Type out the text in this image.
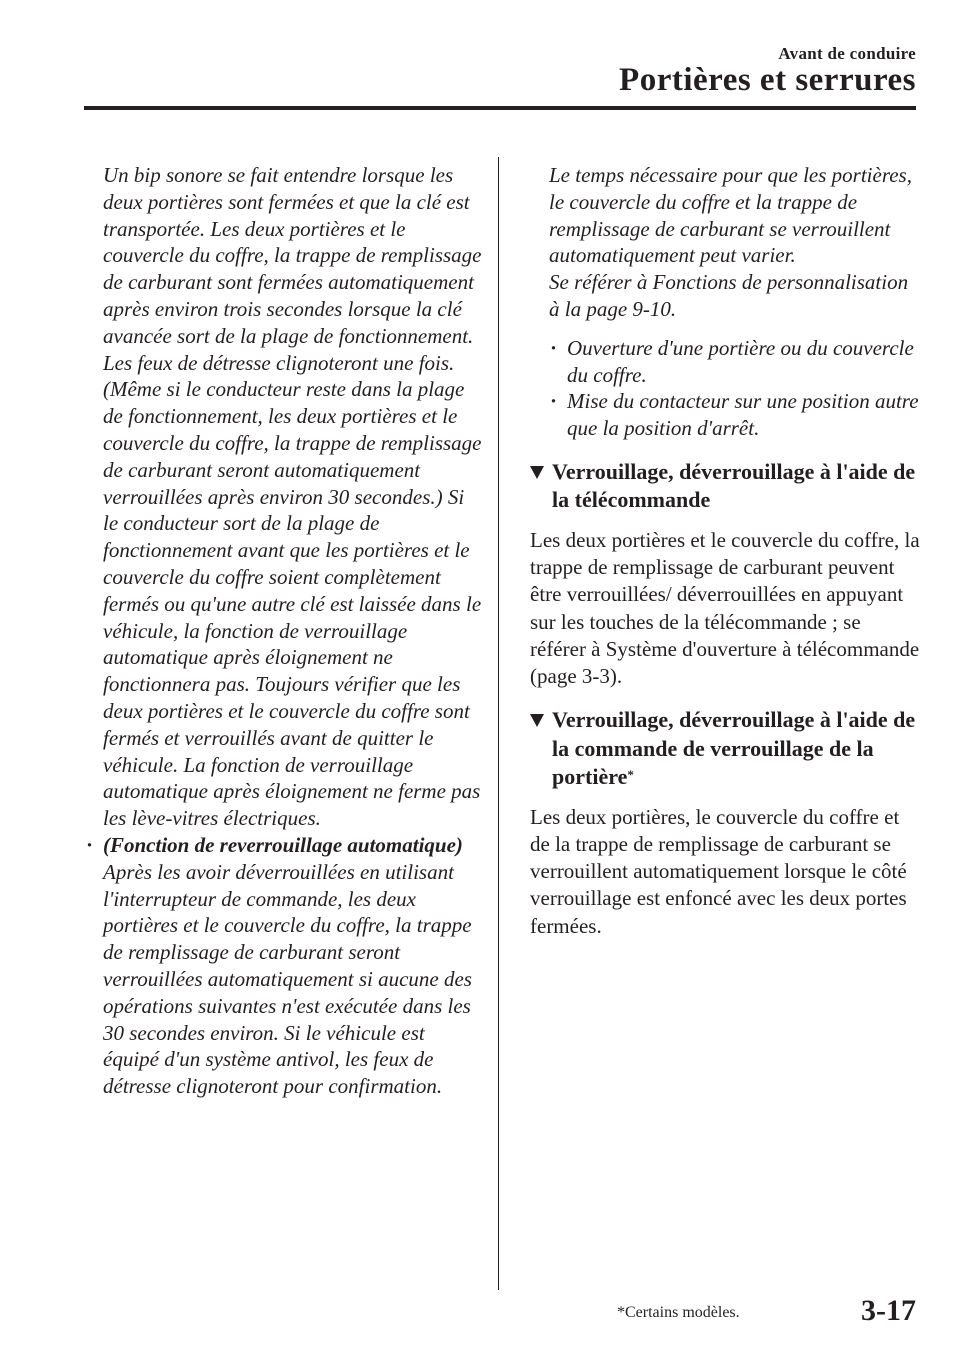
Avant de conduire
Portières et serrures
Un bip sonore se fait entendre lorsque les deux portières sont fermées et que la clé est transportée. Les deux portières et le couvercle du coffre, la trappe de remplissage de carburant sont fermées automatiquement après environ trois secondes lorsque la clé avancée sort de la plage de fonctionnement. Les feux de détresse clignoteront une fois. (Même si le conducteur reste dans la plage de fonctionnement, les deux portières et le couvercle du coffre, la trappe de remplissage de carburant seront automatiquement verrouillées après environ 30 secondes.) Si le conducteur sort de la plage de fonctionnement avant que les portières et le couvercle du coffre soient complètement fermés ou qu'une autre clé est laissée dans le véhicule, la fonction de verrouillage automatique après éloignement ne fonctionnera pas. Toujours vérifier que les deux portières et le couvercle du coffre sont fermés et verrouillés avant de quitter le véhicule. La fonction de verrouillage automatique après éloignement ne ferme pas les lève-vitres électriques.
· (Fonction de reverrouillage automatique)
Après les avoir déverrouillées en utilisant l'interrupteur de commande, les deux portières et le couvercle du coffre, la trappe de remplissage de carburant seront verrouillées automatiquement si aucune des opérations suivantes n'est exécutée dans les 30 secondes environ. Si le véhicule est équipé d'un système antivol, les feux de détresse clignoteront pour confirmation.
Le temps nécessaire pour que les portières, le couvercle du coffre et la trappe de remplissage de carburant se verrouillent automatiquement peut varier.
Se référer à Fonctions de personnalisation à la page 9-10.
· Ouverture d'une portière ou du couvercle du coffre.
· Mise du contacteur sur une position autre que la position d'arrêt.
Verrouillage, déverrouillage à l'aide de la télécommande
Les deux portières et le couvercle du coffre, la trappe de remplissage de carburant peuvent être verrouillées/ déverrouillées en appuyant sur les touches de la télécommande ; se référer à Système d'ouverture à télécommande (page 3-3).
Verrouillage, déverrouillage à l'aide de la commande de verrouillage de la portière*
Les deux portières, le couvercle du coffre et de la trappe de remplissage de carburant se verrouillent automatiquement lorsque le côté verrouillage est enfoncé avec les deux portes fermées.
*Certains modèles.	3-17
